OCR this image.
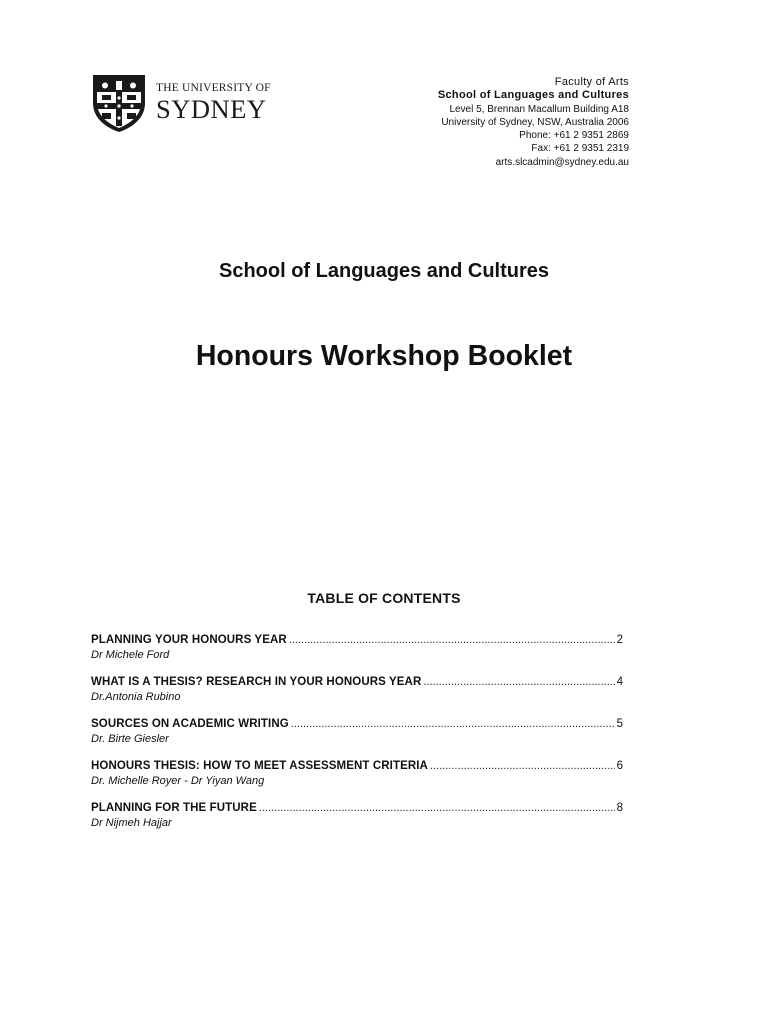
THE UNIVERSITY OF
SYDNEY
Faculty of Arts
School of Languages and Cultures
Level 5, Brennan Macallum Building A18
University of Sydney, NSW, Australia 2006
Phone: +61 2 9351 2869
Fax: +61 2 9351 2319
arts.slcadmin@sydney.edu.au
School of Languages and Cultures
Honours Workshop Booklet
TABLE OF CONTENTS
PLANNING YOUR HONOURS YEAR .....	2
Dr Michele Ford
WHAT IS A THESIS? RESEARCH IN YOUR HONOURS YEAR .....	4
Dr.Antonia Rubino
SOURCES ON ACADEMIC WRITING .....	5
Dr. Birte Giesler
HONOURS THESIS: HOW TO MEET ASSESSMENT CRITERIA .....	6
Dr. Michelle Royer - Dr Yiyan Wang
PLANNING FOR THE FUTURE .....	8
Dr Nijmeh Hajjar
